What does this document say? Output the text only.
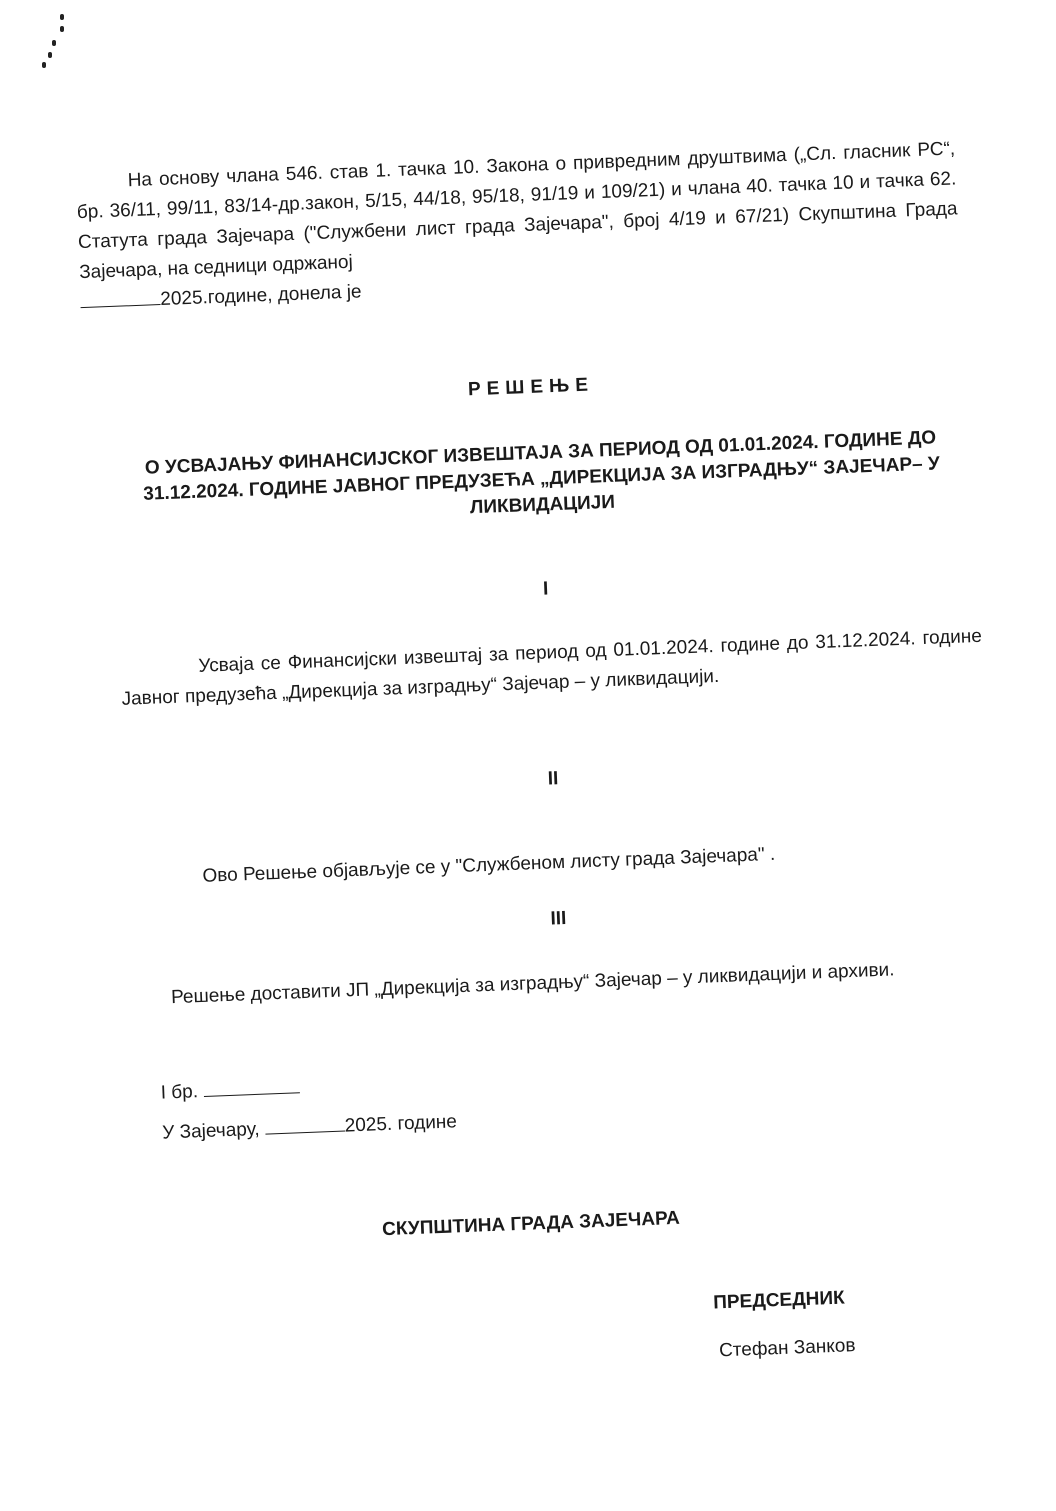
На основу члана 546. став 1. тачка 10. Закона о привредним друштвима („Сл. гласник РС“, бр. 36/11, 99/11, 83/14-др.закон, 5/15, 44/18, 95/18, 91/19 и 109/21) и члана 40. тачка 10 и тачка 62. Статута града Зајечара ("Службени лист града Зајечара", број 4/19 и 67/21) Скупштина Града Зајечара, на седници одржаној
2025.године, донела је
РЕШЕЊЕ
О УСВАЈАЊУ ФИНАНСИЈСКОГ ИЗВЕШТАЈА ЗА ПЕРИОД ОД 01.01.2024. ГОДИНЕ ДО 31.12.2024. ГОДИНЕ ЈАВНОГ ПРЕДУЗЕЋА „ДИРЕКЦИЈА ЗА ИЗГРАДЊУ“ ЗАЈЕЧАР– У ЛИКВИДАЦИЈИ
I
Усваја се Финансијски извештај за период од 01.01.2024. године до 31.12.2024. године Јавног предузећа „Дирекција за изградњу“ Зајечар – у ликвидацији.
II
Ово Решење објављује се у "Службеном листу града Зајечара" .
III
Решење доставити ЈП „Дирекција за изградњу“ Зајечар – у ликвидацији и архиви.
I бр.
У Зајечару,	2025. године
СКУПШТИНА ГРАДА ЗАЈЕЧАРА
ПРЕДСЕДНИК
Стефан Занков
